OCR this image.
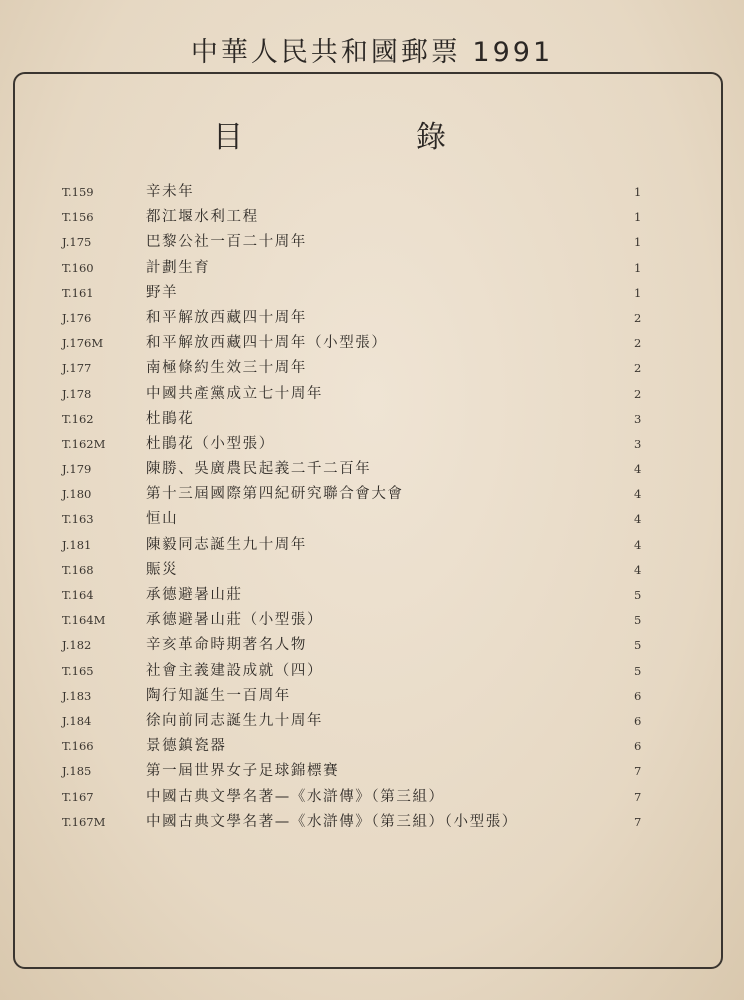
中華人民共和國郵票 1991
目	錄
T.159	辛未年	1
T.156	都江堰水利工程	1
J.175	巴黎公社一百二十周年	1
T.160	計劃生育	1
T.161	野羊	1
J.176	和平解放西藏四十周年	2
J.176M	和平解放西藏四十周年（小型張）	2
J.177	南極條約生效三十周年	2
J.178	中國共產黨成立七十周年	2
T.162	杜鵑花	3
T.162M	杜鵑花（小型張）	3
J.179	陳勝、吳廣農民起義二千二百年	4
J.180	第十三屆國際第四紀研究聯合會大會	4
T.163	恒山	4
J.181	陳毅同志誕生九十周年	4
T.168	賑災	4
T.164	承德避暑山莊	5
T.164M	承德避暑山莊（小型張）	5
J.182	辛亥革命時期著名人物	5
T.165	社會主義建設成就（四）	5
J.183	陶行知誕生一百周年	6
J.184	徐向前同志誕生九十周年	6
T.166	景德鎮瓷器	6
J.185	第一屆世界女子足球錦標賽	7
T.167	中國古典文學名著—《水滸傳》（第三組）	7
T.167M	中國古典文學名著—《水滸傳》（第三組）（小型張）	7
